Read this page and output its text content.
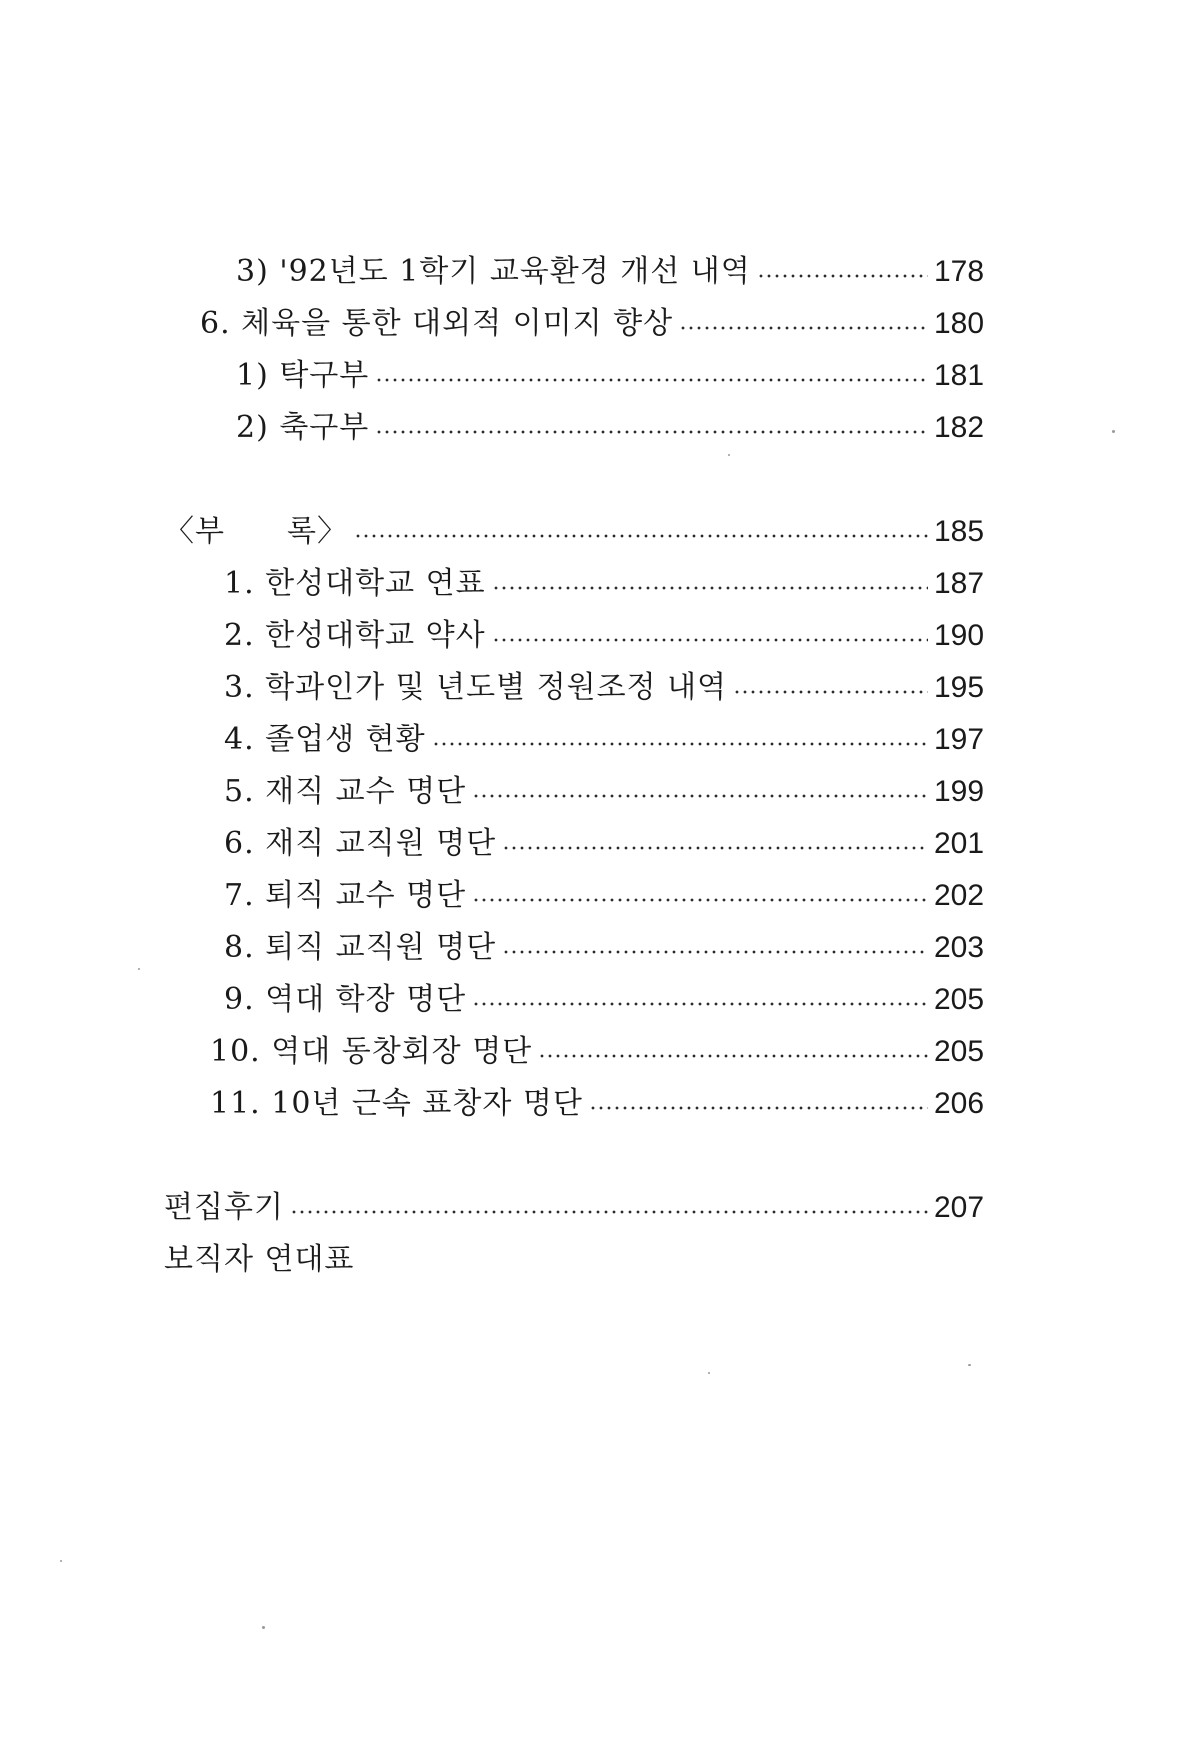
3) '92년도 1학기 교육환경 개선 내역	178
6. 체육을 통한 대외적 이미지 향상	180
1) 탁구부	181
2) 축구부	182
〈부　　록〉	185
1. 한성대학교 연표	187
2. 한성대학교 약사	190
3. 학과인가 및 년도별 정원조정 내역	195
4. 졸업생 현황	197
5. 재직 교수 명단	199
6. 재직 교직원 명단	201
7. 퇴직 교수 명단	202
8. 퇴직 교직원 명단	203
9. 역대 학장 명단	205
10. 역대 동창회장 명단	205
11. 10년 근속 표창자 명단	206
편집후기	207
보직자 연대표
